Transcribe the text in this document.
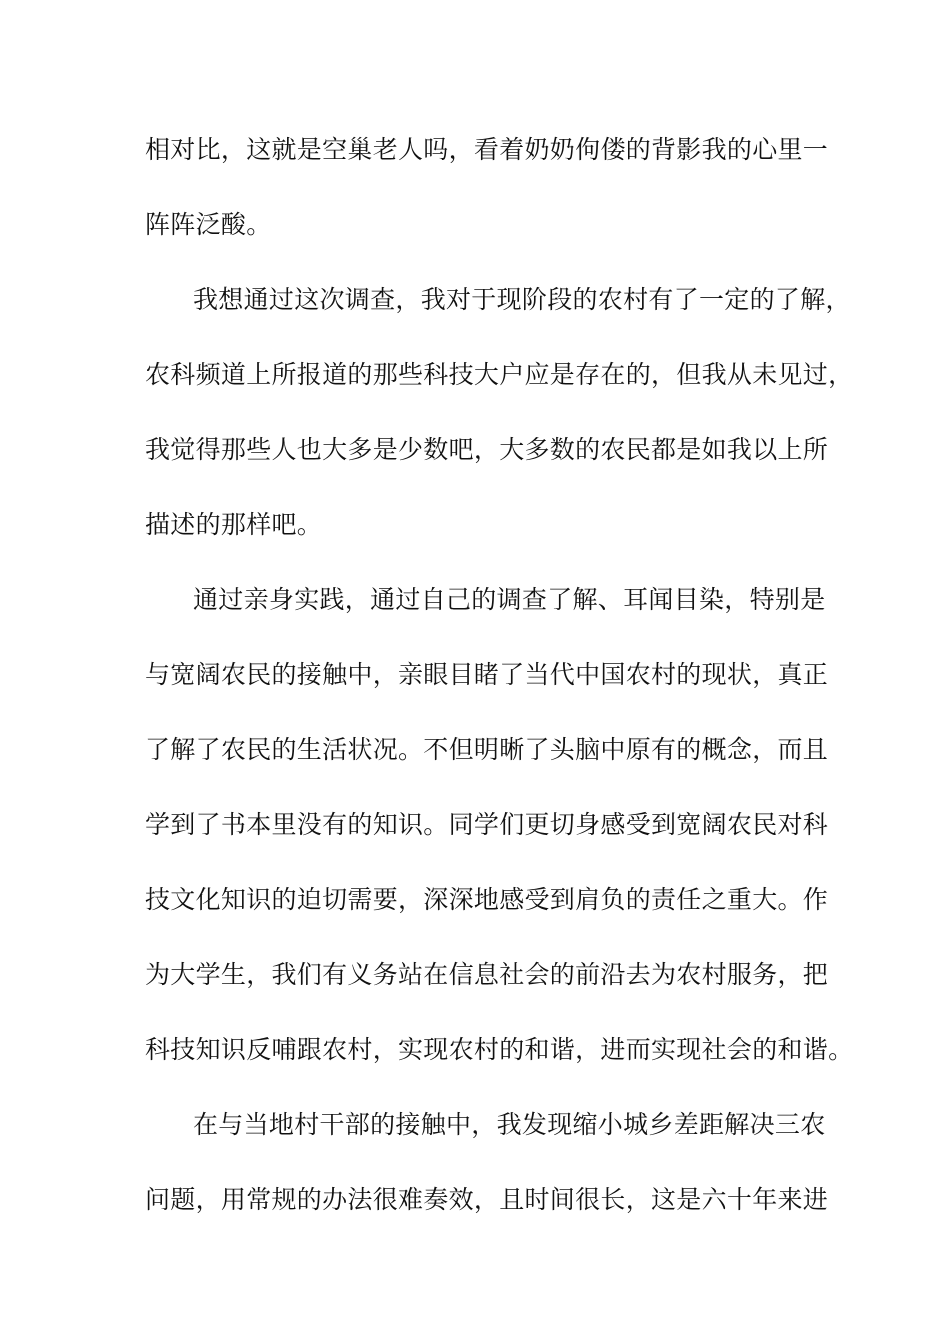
相对比，这就是空巢老人吗，看着奶奶佝偻的背影我的心里一
阵阵泛酸。
我想通过这次调查，我对于现阶段的农村有了一定的了解，
农科频道上所报道的那些科技大户应是存在的，但我从未见过，
我觉得那些人也大多是少数吧，大多数的农民都是如我以上所
描述的那样吧。
通过亲身实践，通过自己的调查了解、耳闻目染，特别是
与宽阔农民的接触中，亲眼目睹了当代中国农村的现状，真正
了解了农民的生活状况。不但明晰了头脑中原有的概念，而且
学到了书本里没有的知识。同学们更切身感受到宽阔农民对科
技文化知识的迫切需要，深深地感受到肩负的责任之重大。作
为大学生，我们有义务站在信息社会的前沿去为农村服务，把
科技知识反哺跟农村，实现农村的和谐，进而实现社会的和谐。
在与当地村干部的接触中，我发现缩小城乡差距解决三农
问题，用常规的办法很难奏效，且时间很长，这是六十年来进
